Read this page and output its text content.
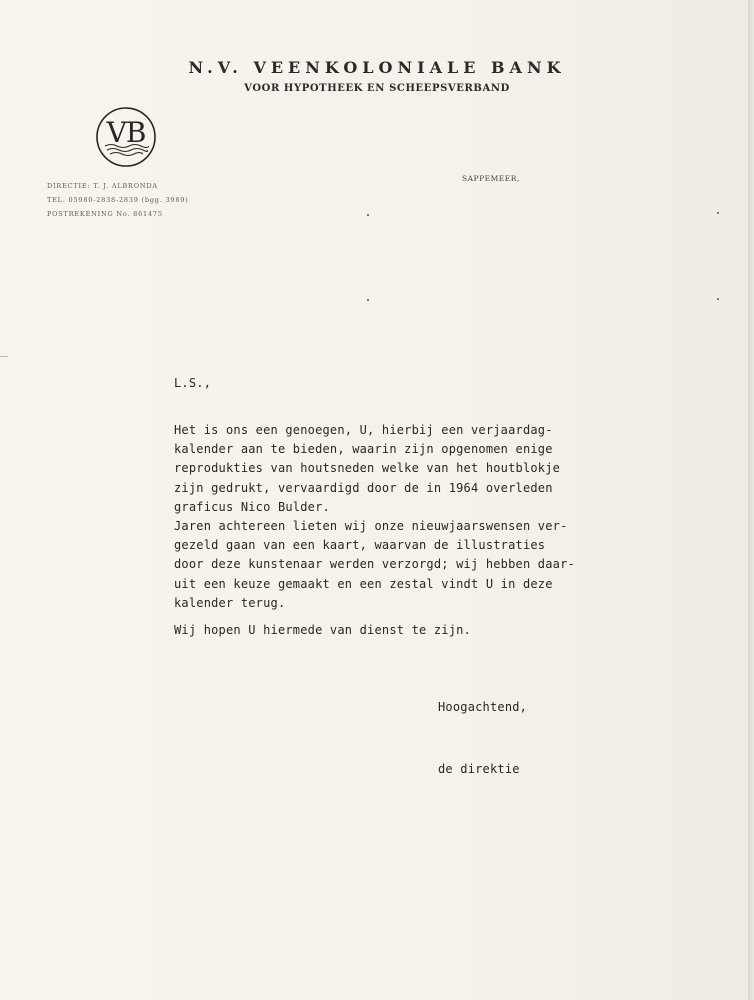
N.V. VEENKOLONIALE BANK
VOOR HYPOTHEEK EN SCHEEPSVERBAND
VB
DIRECTIE: T. J. ALBRONDA
TEL. 05980-2838-2839 (bgg. 3989)
POSTREKENING No. 861475
SAPPEMEER,
L.S.,
Het is ons een genoegen, U, hierbij een verjaardag-
kalender aan te bieden, waarin zijn opgenomen enige
reprodukties van houtsneden welke van het houtblokje
zijn gedrukt, vervaardigd door de in 1964 overleden
graficus Nico Bulder.
Jaren achtereen lieten wij onze nieuwjaarswensen ver-
gezeld gaan van een kaart, waarvan de illustraties
door deze kunstenaar werden verzorgd; wij hebben daar-
uit een keuze gemaakt en een zestal vindt U in deze
kalender terug.
Wij hopen U hiermede van dienst te zijn.
Hoogachtend,
de direktie
